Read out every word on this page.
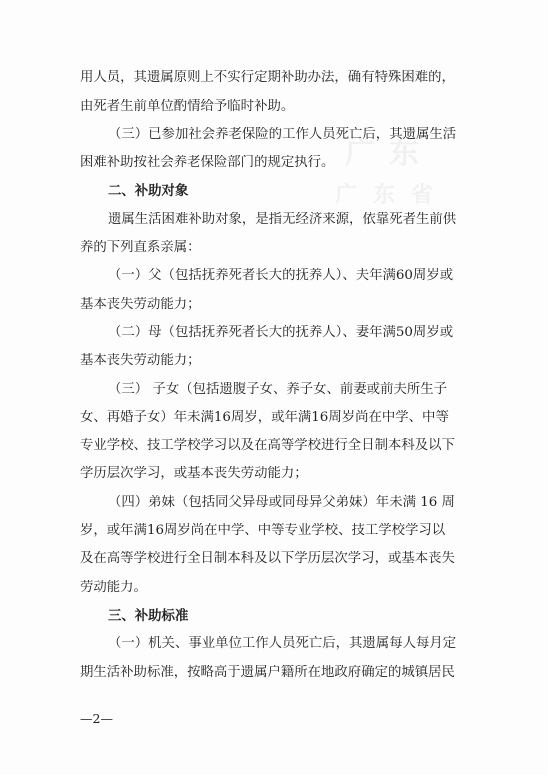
广东
广东省
用人员，其遗属原则上不实行定期补助办法，确有特殊困难的，
由死者生前单位酌情给予临时补助。
（三）已参加社会养老保险的工作人员死亡后，其遗属生活
困难补助按社会养老保险部门的规定执行。
二、补助对象
遗属生活困难补助对象，是指无经济来源，依靠死者生前供
养的下列直系亲属：
（一）父（包括抚养死者长大的抚养人）、夫年满60周岁或
基本丧失劳动能力；
（二）母（包括抚养死者长大的抚养人）、妻年满50周岁或
基本丧失劳动能力；
（三） 子女（包括遗腹子女、养子女、前妻或前夫所生子
女、再婚子女）年未满16周岁，或年满16周岁尚在中学、中等
专业学校、技工学校学习以及在高等学校进行全日制本科及以下
学历层次学习，或基本丧失劳动能力；
（四）弟妹（包括同父异母或同母异父弟妹）年未满 16 周
岁，或年满16周岁尚在中学、中等专业学校、技工学校学习以
及在高等学校进行全日制本科及以下学历层次学习，或基本丧失
劳动能力。
三、补助标准
（一）机关、事业单位工作人员死亡后，其遗属每人每月定
期生活补助标准，按略高于遗属户籍所在地政府确定的城镇居民
—2—
